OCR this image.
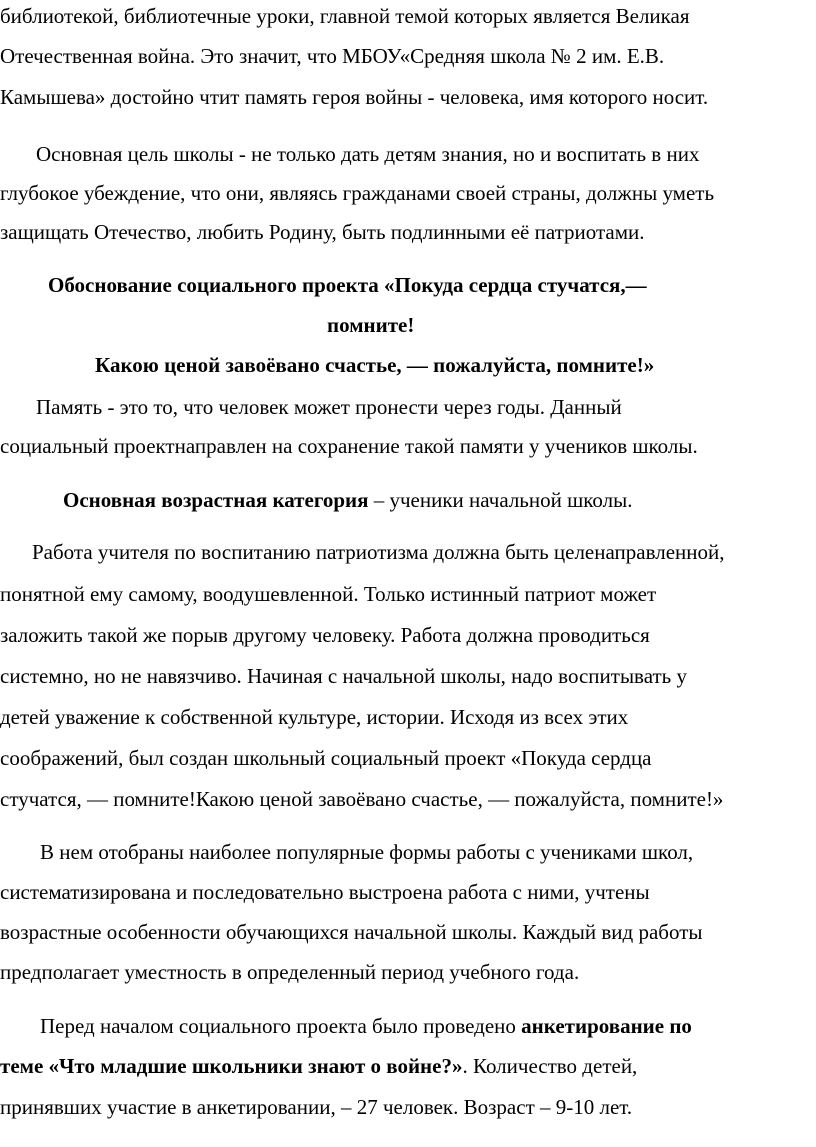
библиотекой, библиотечные уроки, главной темой которых является Великая
Отечественная война. Это значит, что МБОУ«Средняя школа № 2 им. Е.В.
Камышева» достойно чтит память героя войны - человека, имя которого носит.
Основная цель школы - не только дать детям знания, но и воспитать в них
глубокое убеждение, что они, являясь гражданами своей страны, должны уметь
защищать Отечество, любить Родину, быть подлинными её патриотами.
Обоснование социального проекта «Покуда сердца стучатся,—
помните!
Какою ценой завоёвано счастье, — пожалуйста, помните!»
Память - это то, что человек может пронести через годы. Данный
социальный проектнаправлен на сохранение такой памяти у учеников школы.
Основная возрастная категория – ученики начальной школы.
Работа учителя по воспитанию патриотизма должна быть целенаправленной,
понятной ему самому, воодушевленной. Только истинный патриот может
заложить такой же порыв другому человеку. Работа должна проводиться
системно, но не навязчиво. Начиная с начальной школы, надо воспитывать у
детей уважение к собственной культуре, истории. Исходя из всех этих
соображений, был создан школьный социальный проект «Покуда сердца
стучатся, — помните!Какою ценой завоёвано счастье, — пожалуйста, помните!»
В нем отобраны наиболее популярные формы работы с учениками школ,
систематизирована и последовательно выстроена работа с ними, учтены
возрастные особенности обучающихся начальной школы. Каждый вид работы
предполагает уместность в определенный период учебного года.
Перед началом социального проекта было проведено анкетирование по
теме «Что младшие школьники знают о войне?». Количество детей,
принявших участие в анкетировании, – 27 человек. Возраст – 9-10 лет.
